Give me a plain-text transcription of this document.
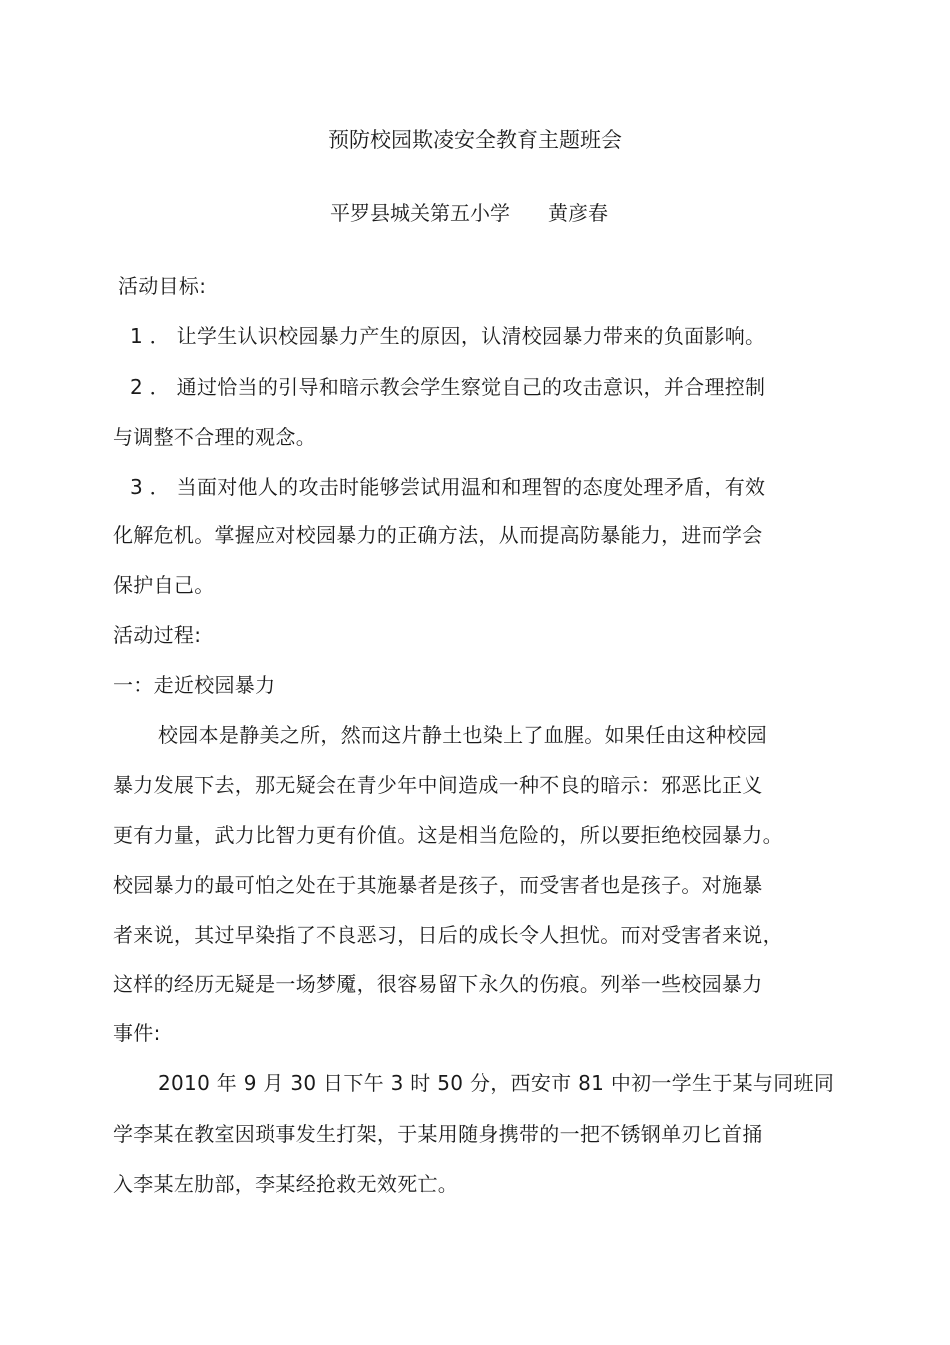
预防校园欺凌安全教育主题班会
平罗县城关第五小学 黄彦春
活动目标:
1 ． 让学生认识校园暴力产生的原因，认清校园暴力带来的负面影响。
2 ． 通过恰当的引导和暗示教会学生察觉自己的攻击意识，并合理控制
与调整不合理的观念。
3 ． 当面对他人的攻击时能够尝试用温和和理智的态度处理矛盾，有效
化解危机。掌握应对校园暴力的正确方法，从而提高防暴能力，进而学会
保护自己。
活动过程:
一：走近校园暴力
校园本是静美之所，然而这片静土也染上了血腥。如果任由这种校园
暴力发展下去，那无疑会在青少年中间造成一种不良的暗示：邪恶比正义
更有力量，武力比智力更有价值。这是相当危险的，所以要拒绝校园暴力。
校园暴力的最可怕之处在于其施暴者是孩子，而受害者也是孩子。对施暴
者来说，其过早染指了不良恶习，日后的成长令人担忧。而对受害者来说，
这样的经历无疑是一场梦魇，很容易留下永久的伤痕。列举一些校园暴力
事件:
2010 年 9 月 30 日下午 3 时 50 分，西安市 81 中初一学生于某与同班同
学李某在教室因琐事发生打架，于某用随身携带的一把不锈钢单刃匕首捅
入李某左肋部，李某经抢救无效死亡。
